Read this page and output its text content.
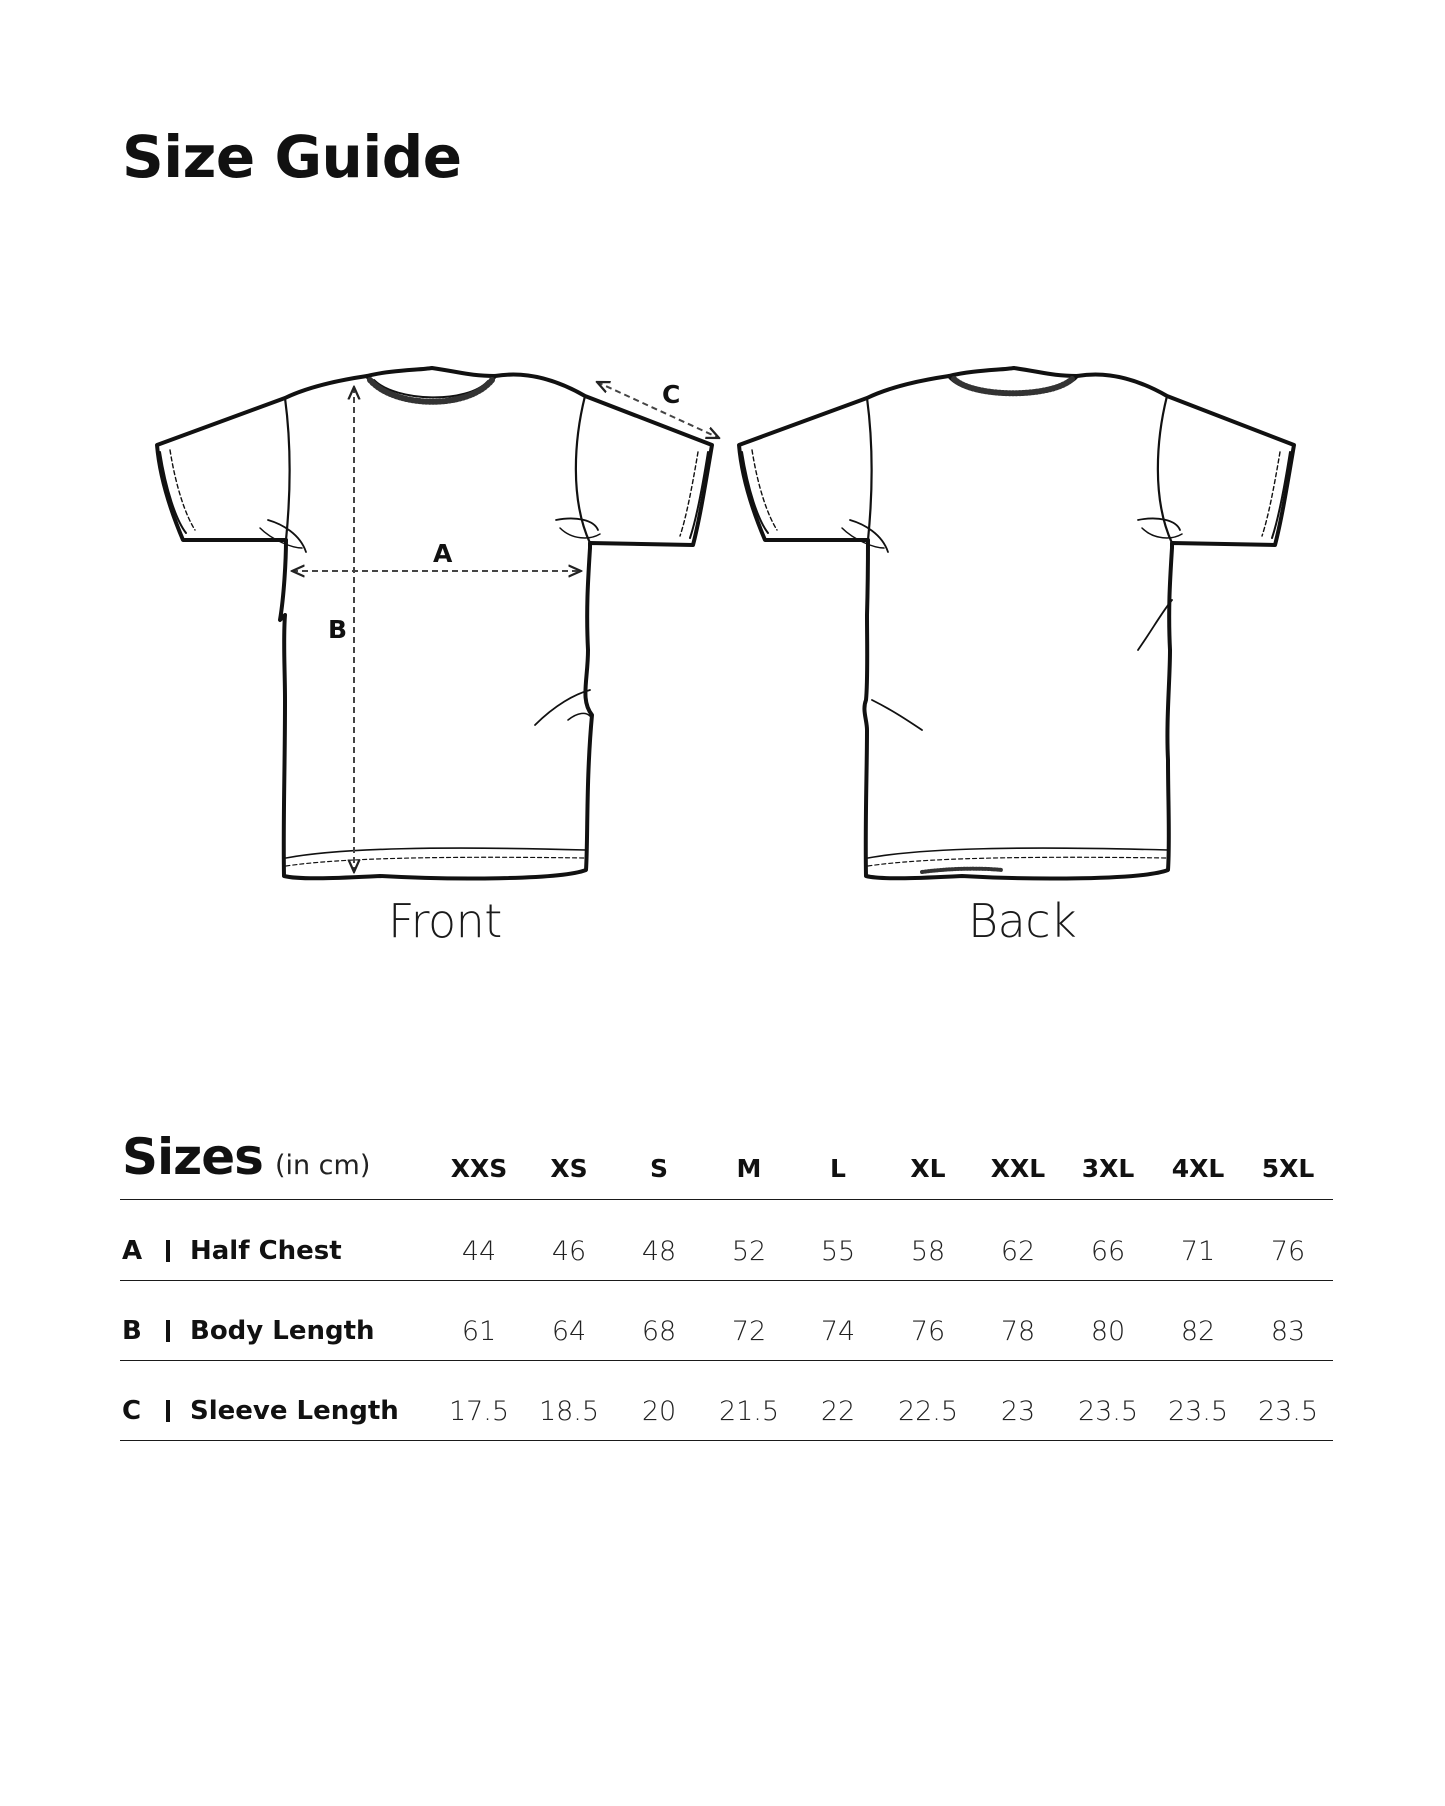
Size Guide
A
B
C
Front	Back
Sizes (in cm)	XXS	XS	S	M	L	XL	XXL	3XL	4XL	5XL
A	Half Chest	44	46	48	52	55	58	62	66	71	76
B	Body Length	61	64	68	72	74	76	78	80	82	83
C	Sleeve Length	17.5	18.5	20	21.5	22	22.5	23	23.5	23.5	23.5
